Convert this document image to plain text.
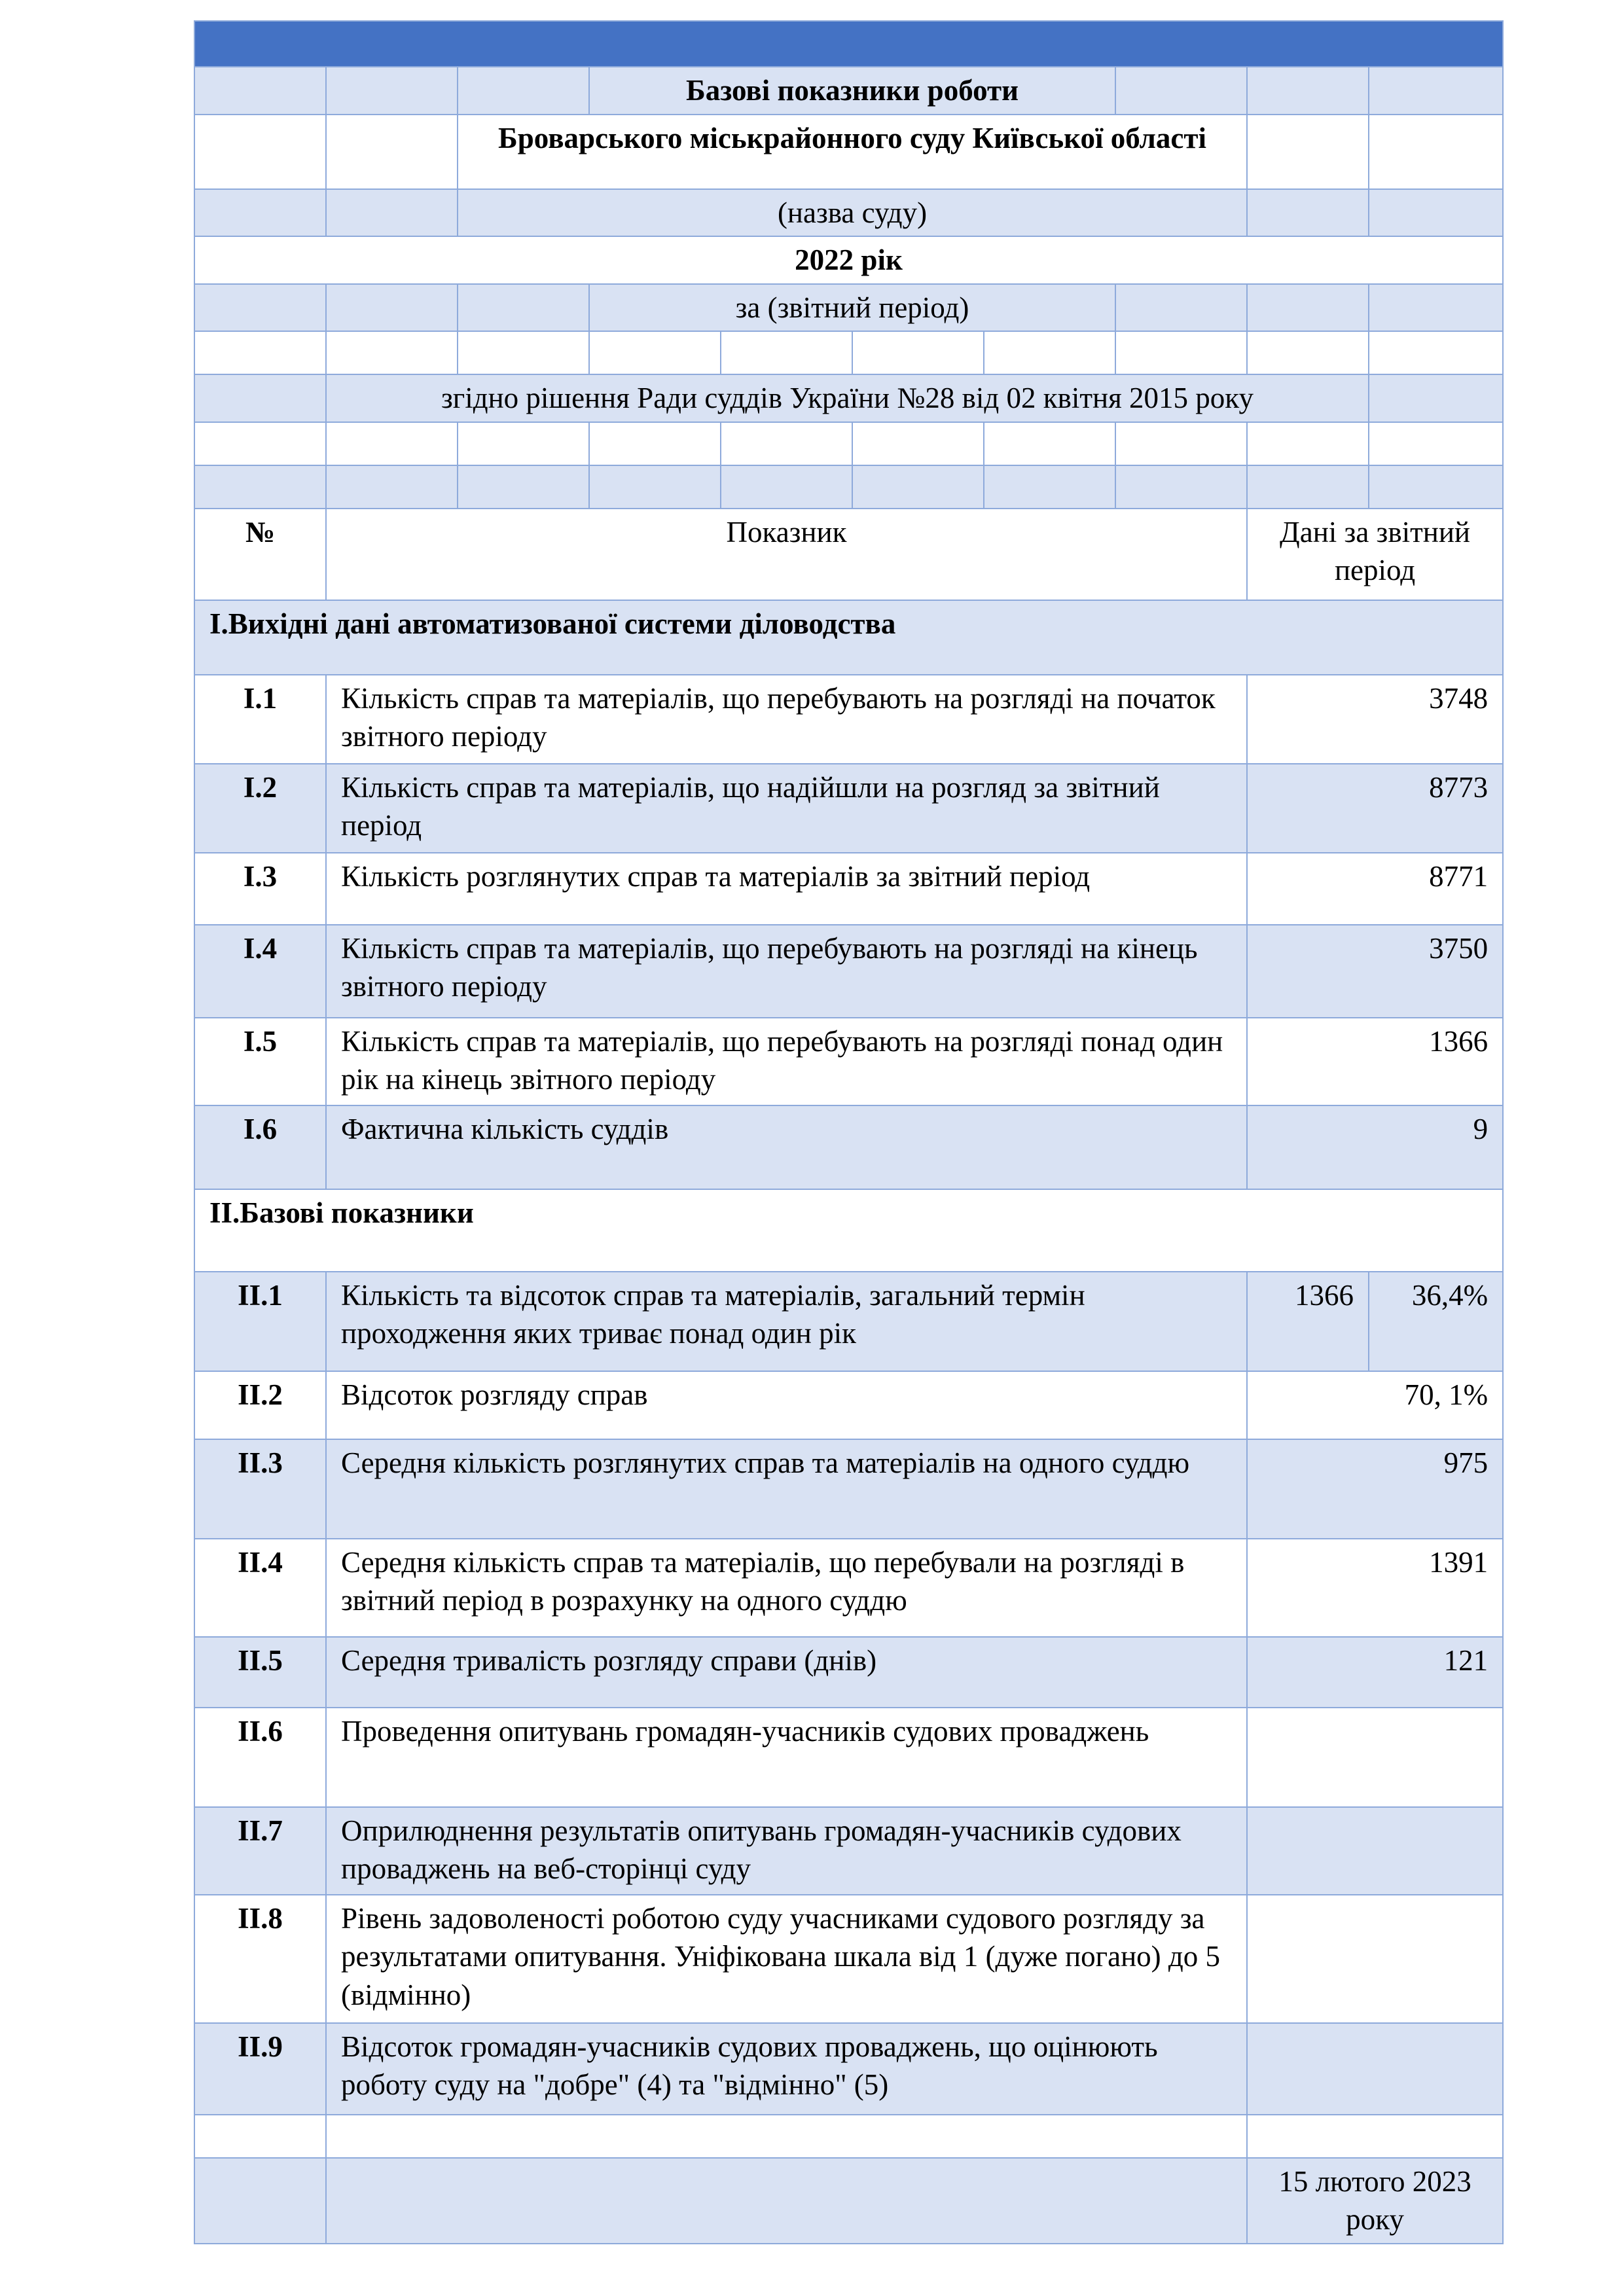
			Базові показники роботи						
		Броварського міськрайонного суду Київської області							
		(назва суду)							
2022 рік									
			за (звітний період)						

	згідно рішення Ради суддів України №28 від 02 квітня 2015 року								

№	Показник							Дані за звітний період	
I.Вихідні дані автоматизованої системи діловодства									
I.1	Кількість справ та матеріалів, що перебувають на розгляді на початок звітного періоду							3748	
I.2	Кількість справ та матеріалів, що надійшли на розгляд за звітний період							8773	
I.3	Кількість розглянутих справ та матеріалів за звітний період							8771	
I.4	Кількість справ та матеріалів, що перебувають на розгляді на кінець звітного періоду							3750	
I.5	Кількість справ та матеріалів, що перебувають на розгляді понад один рік на кінець звітного періоду							1366	
I.6	Фактична кількість суддів							9	
II.Базові показники									
II.1	Кількість та відсоток справ та матеріалів, загальний термін проходження яких триває понад один рік							1366	36,4%
II.2	Відсоток розгляду справ							70, 1%	
II.3	Середня кількість розглянутих справ та матеріалів на одного суддю							975	
II.4	Середня кількість справ та матеріалів, що перебували на розгляді в звітний період в розрахунку на одного суддю							1391	
II.5	Середня тривалість розгляду справи (днів)							121	
II.6	Проведення опитувань громадян-учасників судових проваджень								
II.7	Оприлюднення результатів опитувань громадян-учасників судових проваджень на веб-сторінці суду								
II.8	Рівень задоволеності роботою суду учасниками судового розгляду за результатами опитування. Уніфікована шкала від 1 (дуже погано) до 5 (відмінно)								
II.9	Відсоток громадян-учасників судових проваджень, що оцінюють роботу суду на "добре" (4) та "відмінно" (5)								

								15 лютого 2023 року	
